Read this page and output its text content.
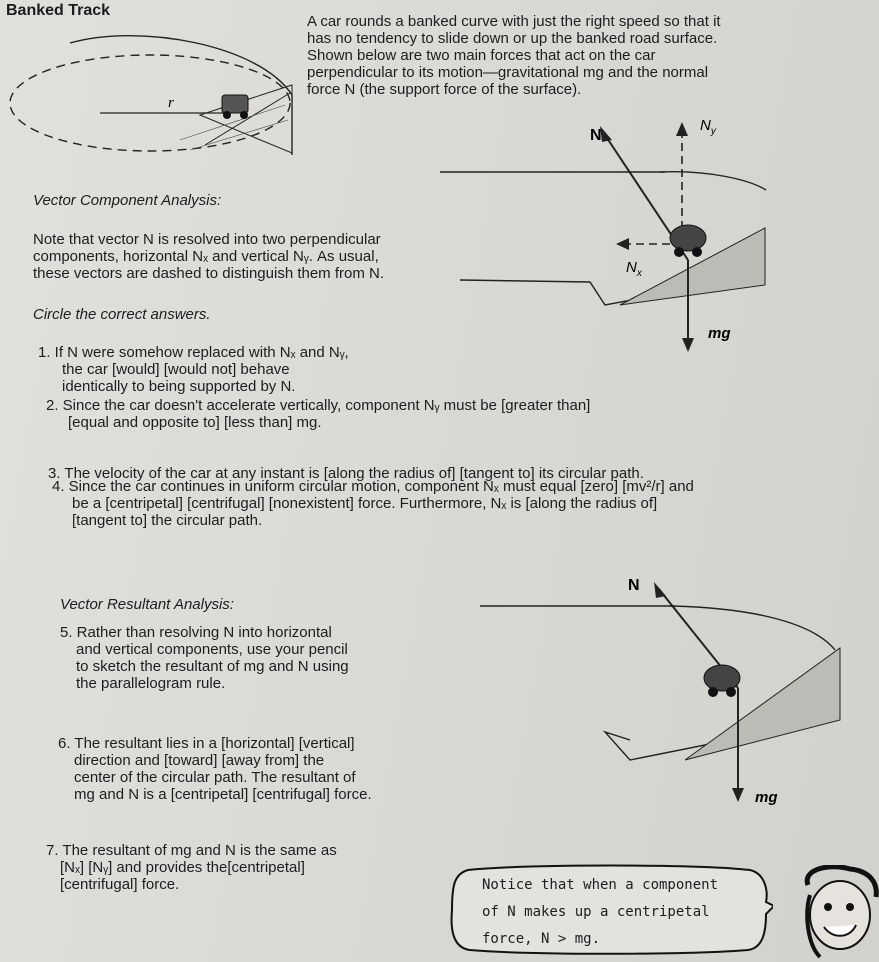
Banked Track
r

A car rounds a banked curve with just the right speed so that it

has no tendency to slide down or up the banked road surface.

Shown below are two main forces that act on the car

perpendicular to its motion—gravitational mg and the normal

force N (the support force of the surface).

N
$N_y$
$N_x$
mg
Vector Component Analysis:

Note that vector N is resolved into two perpendicular

components, horizontal Nₓ and vertical Nᵧ. As usual,

these vectors are dashed to distinguish them from N.

Circle the correct answers.

1. If N were somehow replaced with Nₓ and Nᵧ,

the car [would] [would not] behave

identically to being supported by N.

2. Since the car doesn't accelerate vertically, component Nᵧ must be [greater than]

[equal and opposite to] [less than] mg.

3. The velocity of the car at any instant is [along the radius of] [tangent to] its circular path.

4. Since the car continues in uniform circular motion, component Nₓ must equal [zero] [mv²/r] and

be a [centripetal] [centrifugal] [nonexistent] force. Furthermore, Nₓ is [along the radius of]

[tangent to] the circular path.

Vector Resultant Analysis:

5. Rather than resolving N into horizontal

and vertical components, use your pencil

to sketch the resultant of mg and N using

the parallelogram rule.

6. The resultant lies in a [horizontal] [vertical]

direction and [toward] [away from] the

center of the circular path. The resultant of

mg and N is a [centripetal] [centrifugal] force.

N
mg

7. The resultant of mg and N is the same as

[Nₓ] [Nᵧ] and provides the[centripetal]

[centrifugal] force.	Notice that when a component
of N makes up a centripetal
force, N > mg.
